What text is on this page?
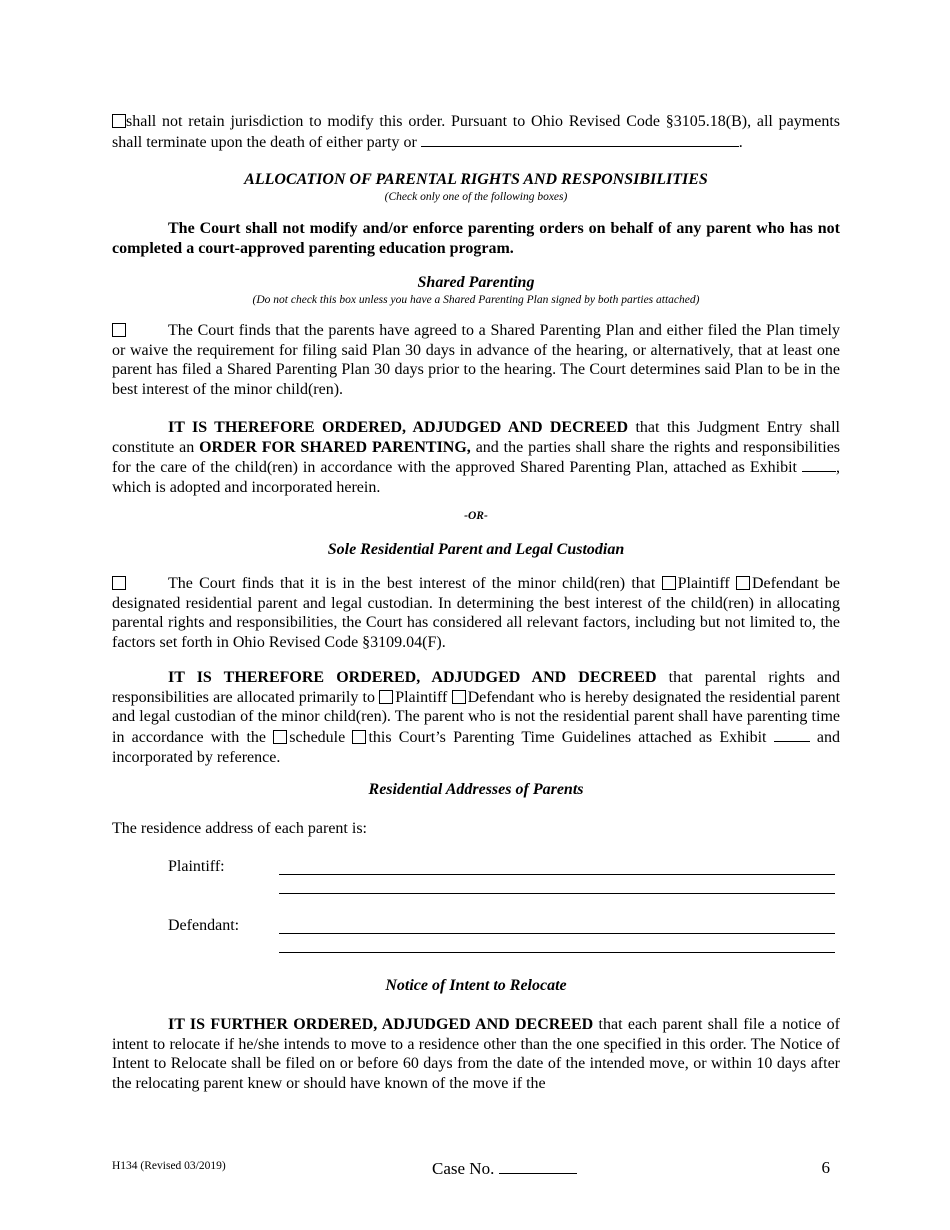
shall not retain jurisdiction to modify this order. Pursuant to Ohio Revised Code §3105.18(B), all payments shall terminate upon the death of either party or	.

ALLOCATION OF PARENTAL RIGHTS AND RESPONSIBILITIES
(Check only one of the following boxes)

The Court shall not modify and/or enforce parenting orders on behalf of any parent who has not completed a court-approved parenting education program.

Shared Parenting
(Do not check this box unless you have a Shared Parenting Plan signed by both parties attached)

The Court finds that the parents have agreed to a Shared Parenting Plan and either filed the Plan timely or waive the requirement for filing said Plan 30 days in advance of the hearing, or alternatively, that at least one parent has filed a Shared Parenting Plan 30 days prior to the hearing. The Court determines said Plan to be in the best interest of the minor child(ren).

IT IS THEREFORE ORDERED, ADJUDGED AND DECREED that this Judgment Entry shall constitute an ORDER FOR SHARED PARENTING, and the parties shall share the rights and responsibilities for the care of the child(ren) in accordance with the approved Shared Parenting Plan, attached as Exhibit , which is adopted and incorporated herein.

-OR-
Sole Residential Parent and Legal Custodian

The Court finds that it is in the best interest of the minor child(ren) that Plaintiff Defendant be designated residential parent and legal custodian. In determining the best interest of the child(ren) in allocating parental rights and responsibilities, the Court has considered all relevant factors, including but not limited to, the factors set forth in Ohio Revised Code §3109.04(F).

IT IS THEREFORE ORDERED, ADJUDGED AND DECREED that parental rights and responsibilities are allocated primarily to Plaintiff Defendant who is hereby designated the residential parent and legal custodian of the minor child(ren). The parent who is not the residential parent shall have parenting time in accordance with the schedule this Court’s Parenting Time Guidelines attached as Exhibit  and incorporated by reference.

Residential Addresses of Parents

The residence address of each parent is:

Plaintiff:
Defendant:
Notice of Intent to Relocate

IT IS FURTHER ORDERED, ADJUDGED AND DECREED that each parent shall file a notice of intent to relocate if he/she intends to move to a residence other than the one specified in this order. The Notice of Intent to Relocate shall be filed on or before 60 days from the date of the intended move, or within 10 days after the relocating parent knew or should have known of the move if the

H134 (Revised 03/2019)	Case No.	6
